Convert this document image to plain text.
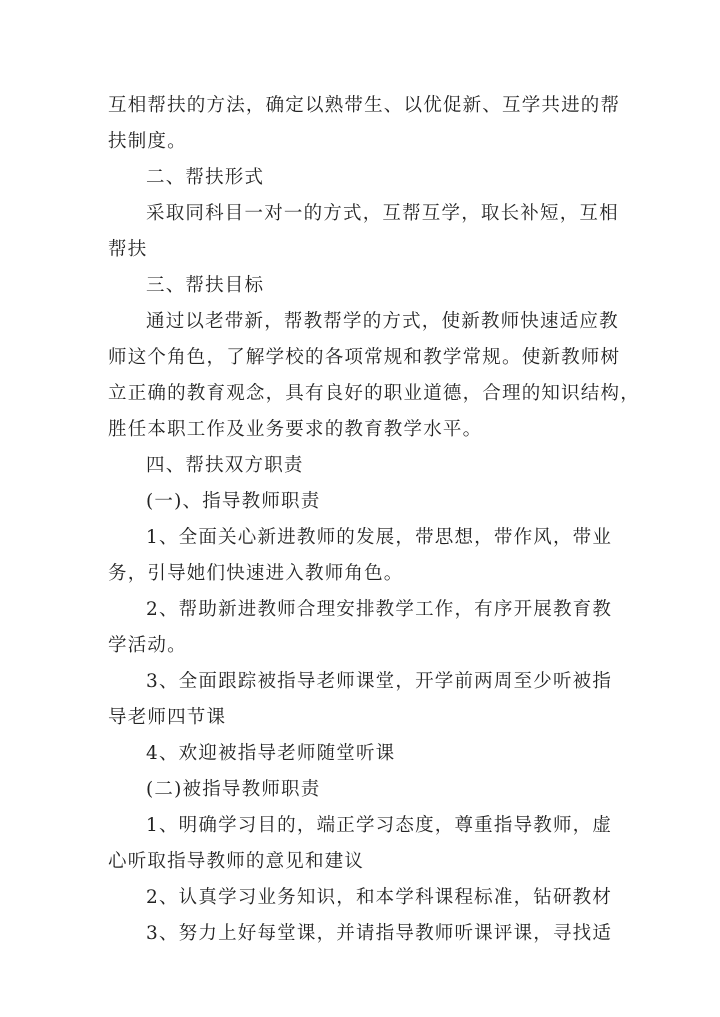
互相帮扶的方法，确定以熟带生、以优促新、互学共进的帮
扶制度。
二、帮扶形式
采取同科目一对一的方式，互帮互学，取长补短，互相
帮扶
三、帮扶目标
通过以老带新，帮教帮学的方式，使新教师快速适应教
师这个角色，了解学校的各项常规和教学常规。使新教师树
立正确的教育观念，具有良好的职业道德，合理的知识结构，
胜任本职工作及业务要求的教育教学水平。
四、帮扶双方职责
(一)、指导教师职责
1、全面关心新进教师的发展，带思想，带作风，带业
务，引导她们快速进入教师角色。
2、帮助新进教师合理安排教学工作，有序开展教育教
学活动。
3、全面跟踪被指导老师课堂，开学前两周至少听被指
导老师四节课
4、欢迎被指导老师随堂听课
(二)被指导教师职责
1、明确学习目的，端正学习态度，尊重指导教师，虚
心听取指导教师的意见和建议
2、认真学习业务知识，和本学科课程标准，钻研教材
3、努力上好每堂课，并请指导教师听课评课，寻找适
